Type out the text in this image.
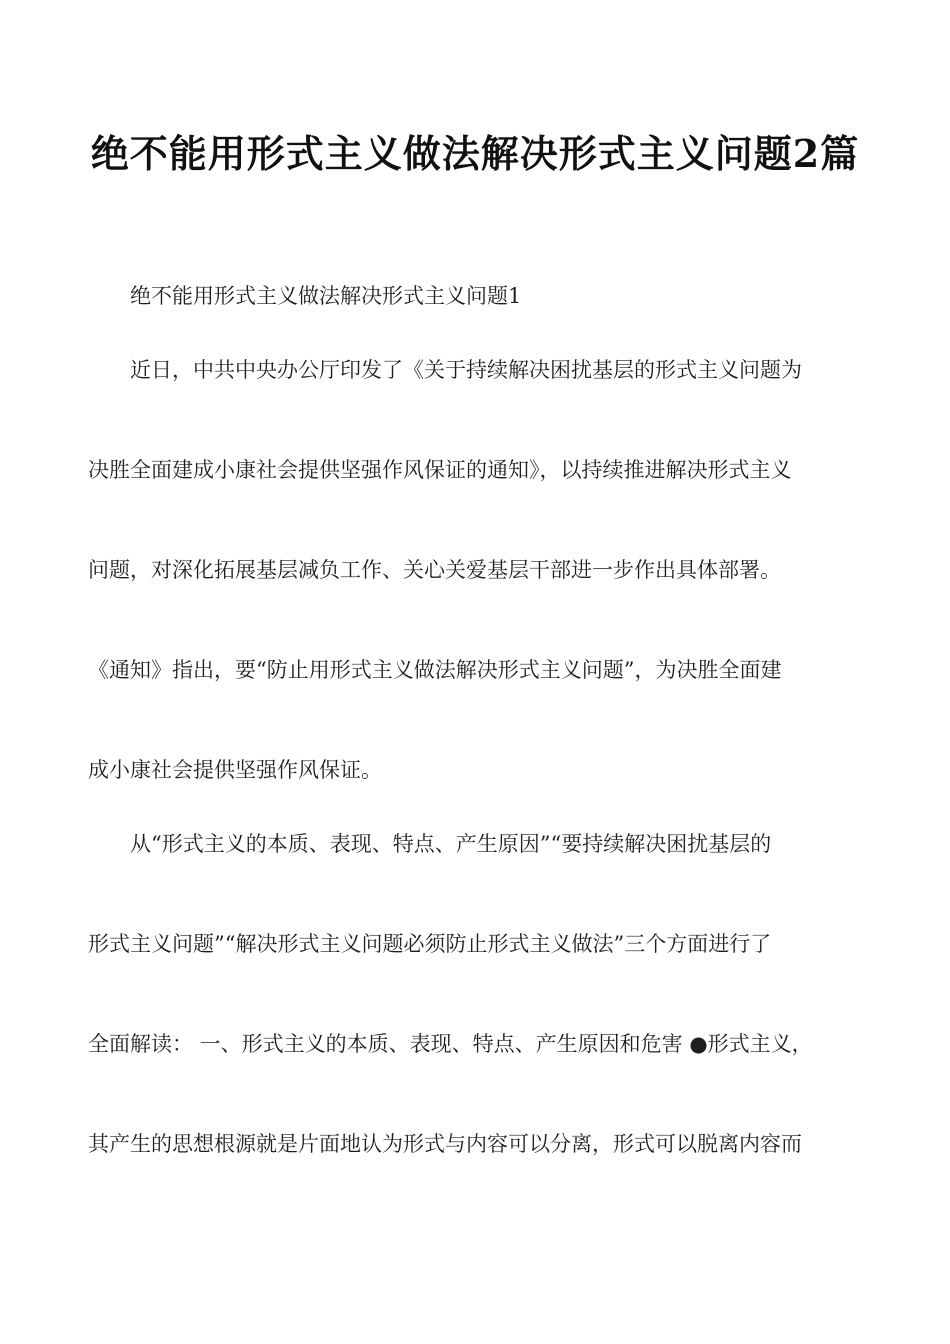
绝不能用形式主义做法解决形式主义问题2篇

绝不能用形式主义做法解决形式主义问题1

近日，中共中央办公厅印发了《关于持续解决困扰基层的形式主义问题为

决胜全面建成小康社会提供坚强作风保证的通知》，以持续推进解决形式主义

问题，对深化拓展基层减负工作、关心关爱基层干部进一步作出具体部署。

《通知》指出，要“防止用形式主义做法解决形式主义问题”，为决胜全面建

成小康社会提供坚强作风保证。

从“形式主义的本质、表现、特点、产生原因”“要持续解决困扰基层的

形式主义问题”“解决形式主义问题必须防止形式主义做法”三个方面进行了

全面解读： 一、形式主义的本质、表现、特点、产生原因和危害 ●形式主义，

其产生的思想根源就是片面地认为形式与内容可以分离，形式可以脱离内容而
